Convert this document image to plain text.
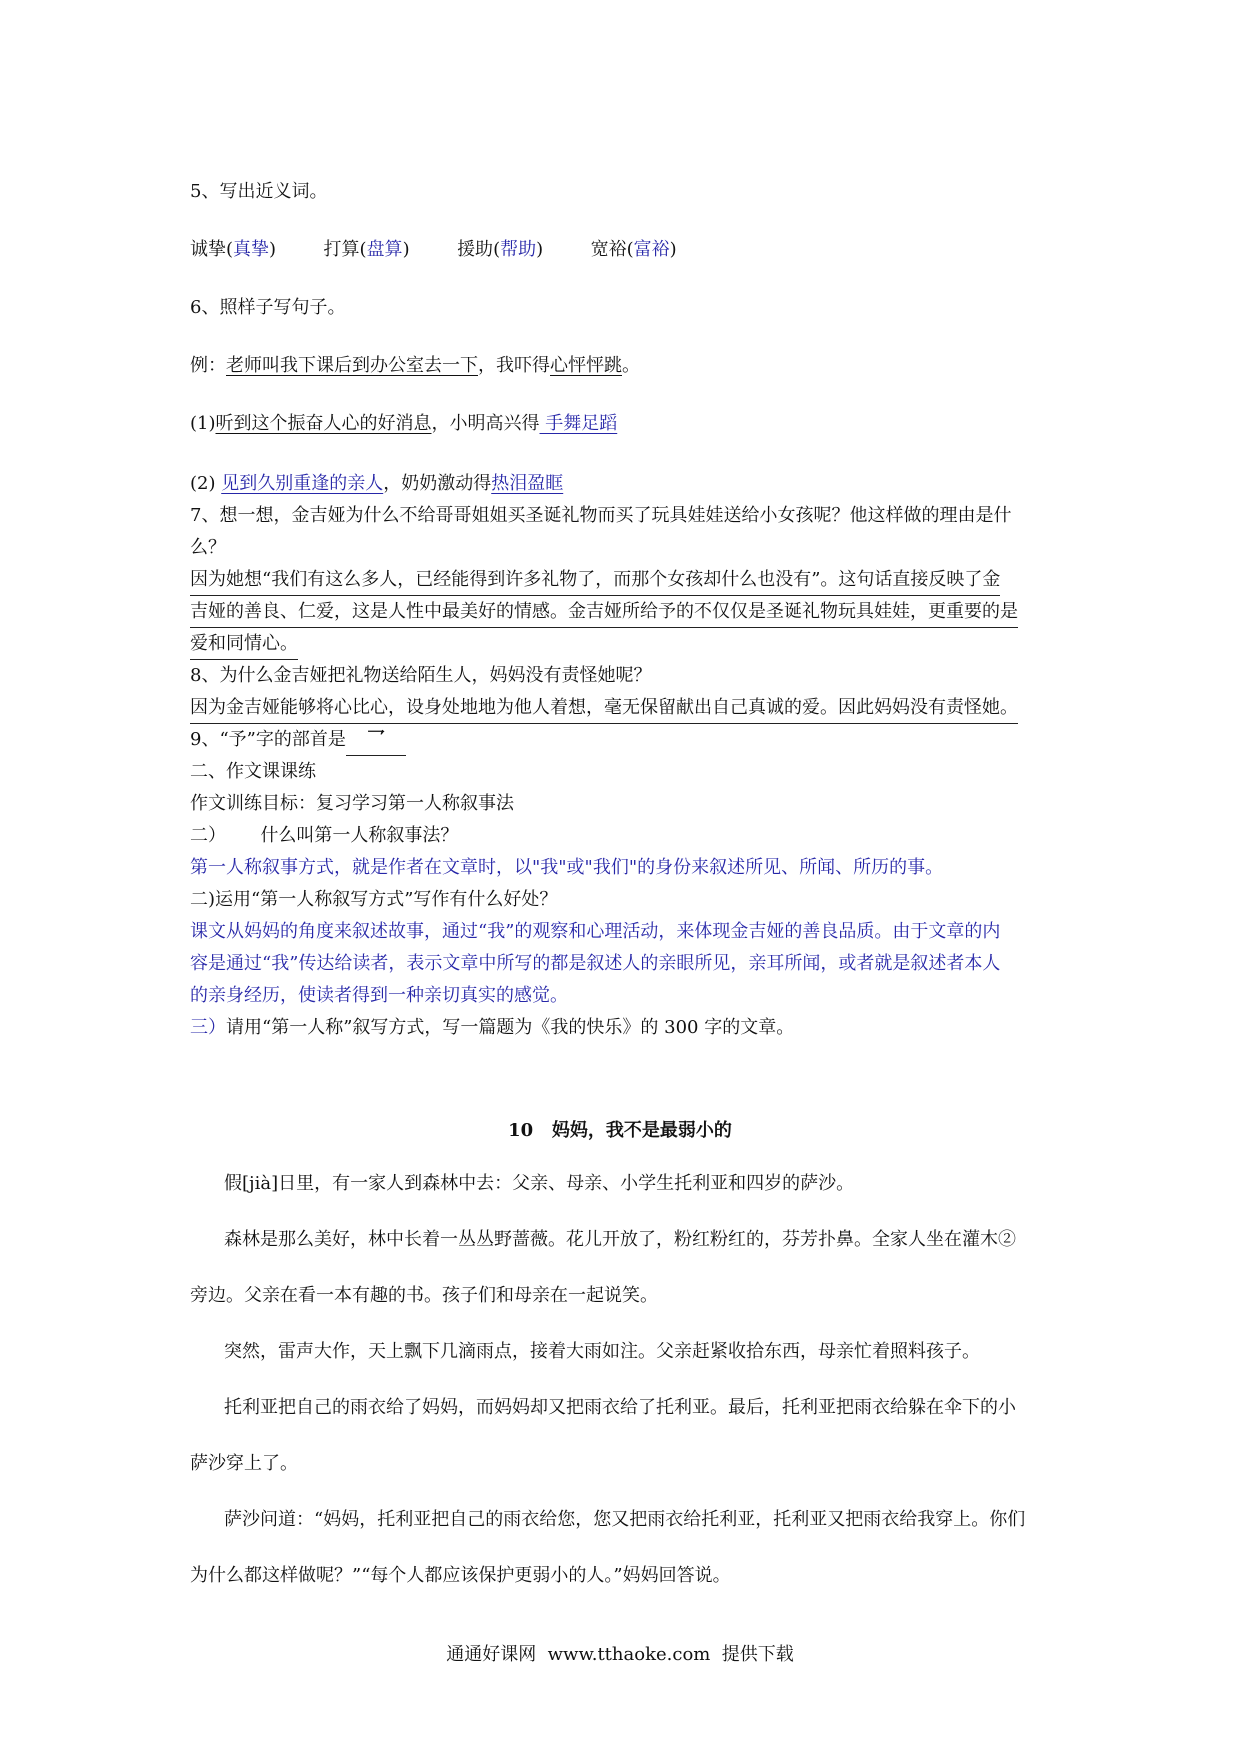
5、写出近义词。
诚挚(真挚)	打算(盘算)	援助(帮助)	宽裕(富裕)
6、照样子写句子。
例：老师叫我下课后到办公室去一下，我吓得心怦怦跳。
(1)听到这个振奋人心的好消息，小明高兴得 手舞足蹈
(2) 见到久别重逢的亲人，奶奶激动得热泪盈眶
7、想一想，金吉娅为什么不给哥哥姐姐买圣诞礼物而买了玩具娃娃送给小女孩呢？他这样做的理由是什
么？
因为她想“我们有这么多人，已经能得到许多礼物了，而那个女孩却什么也没有”。这句话直接反映了金
吉娅的善良、仁爱，这是人性中最美好的情感。金吉娅所给予的不仅仅是圣诞礼物玩具娃娃，更重要的是
爱和同情心。
8、为什么金吉娅把礼物送给陌生人，妈妈没有责怪她呢？
因为金吉娅能够将心比心，设身处地地为他人着想，毫无保留献出自己真诚的爱。因此妈妈没有责怪她。
9、“予”字的部首是 乛
二、作文课课练
作文训练目标：复习学习第一人称叙事法
二）      什么叫第一人称叙事法？
第一人称叙事方式，就是作者在文章时，以"我"或"我们"的身份来叙述所见、所闻、所历的事。
二)运用“第一人称叙写方式”写作有什么好处？
课文从妈妈的角度来叙述故事，通过“我”的观察和心理活动，来体现金吉娅的善良品质。由于文章的内
容是通过“我”传达给读者，表示文章中所写的都是叙述人的亲眼所见，亲耳所闻，或者就是叙述者本人
的亲身经历，使读者得到一种亲切真实的感觉。
三）请用“第一人称”叙写方式，写一篇题为《我的快乐》的 300 字的文章。
10   妈妈，我不是最弱小的
假[jià]日里，有一家人到森林中去：父亲、母亲、小学生托利亚和四岁的萨沙。
森林是那么美好，林中长着一丛丛野蔷薇。花儿开放了，粉红粉红的，芬芳扑鼻。全家人坐在灌木②
旁边。父亲在看一本有趣的书。孩子们和母亲在一起说笑。
突然，雷声大作，天上飘下几滴雨点，接着大雨如注。父亲赶紧收拾东西，母亲忙着照料孩子。
托利亚把自己的雨衣给了妈妈，而妈妈却又把雨衣给了托利亚。最后，托利亚把雨衣给躲在伞下的小
萨沙穿上了。
萨沙问道：“妈妈，托利亚把自己的雨衣给您，您又把雨衣给托利亚，托利亚又把雨衣给我穿上。你们
为什么都这样做呢？”“每个人都应该保护更弱小的人。”妈妈回答说。
通通好课网  www.tthaoke.com  提供下载
